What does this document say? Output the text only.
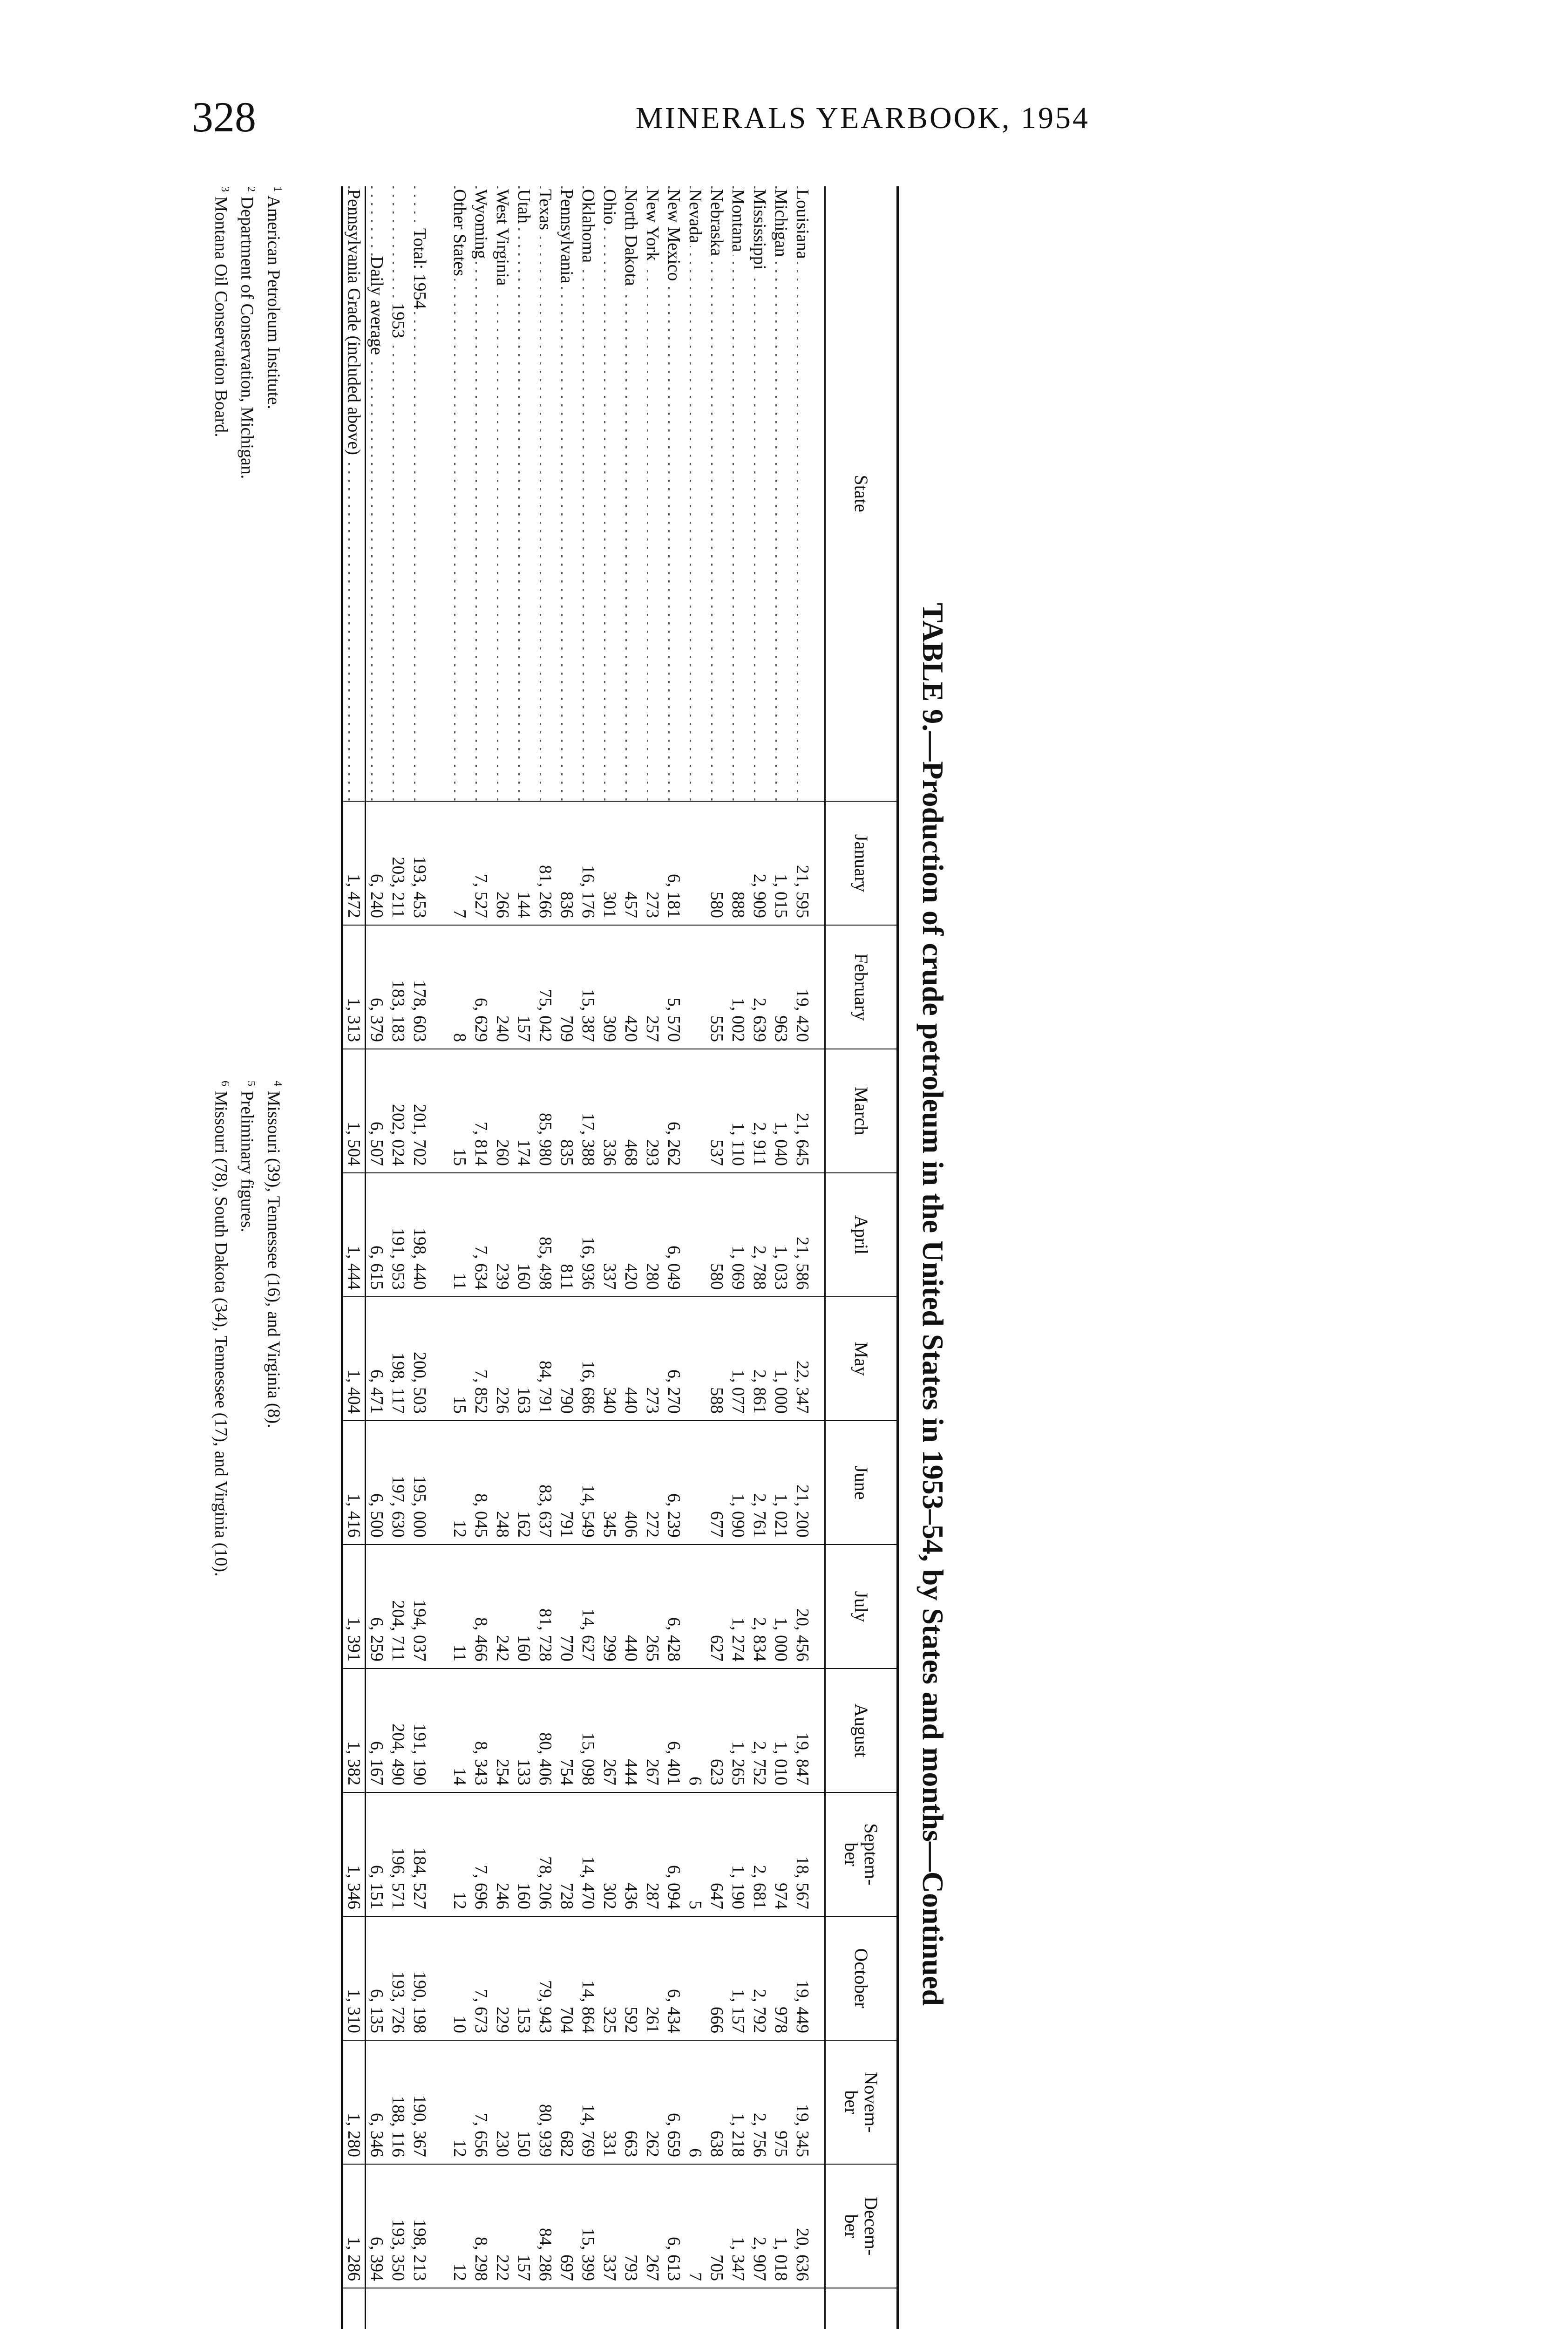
328	MINERALS YEARBOOK, 1954
TABLE 9.—Production of crude petroleum in the United States in 1953–54, by States and months—Continued
State	January	February	March	April	May	June	July	August	Septem-
ber	October	Novem-
ber	Decem-
ber	

Louisiana	21, 595	19, 420	21, 645	21, 586	22, 347	21, 200	20, 456	19, 847	18, 567	19, 449	19, 345	20, 636	
Michigan	1, 015	963	1, 040	1, 033	1, 000	1, 021	1, 000	1, 010	974	978	975	1, 018	
Mississippi	2, 909	2, 639	2, 911	2, 788	2, 861	2, 761	2, 834	2, 752	2, 681	2, 792	2, 756	2, 907	
Montana	888	1, 002	1, 110	1, 069	1, 077	1, 090	1, 274	1, 265	1, 190	1, 157	1, 218	1, 347	
Nebraska	580	555	537	580	588	677	627	623	647	666	638	705	
Nevada								6	5		6	7	
New Mexico	6, 181	5, 570	6, 262	6, 049	6, 270	6, 239	6, 428	6, 401	6, 094	6, 434	6, 659	6, 613	
New York	273	257	293	280	273	272	265	267	287	261	262	267	
North Dakota	457	420	468	420	440	406	440	444	436	592	663	793	
Ohio	301	309	336	337	340	345	299	267	302	325	331	337	
Oklahoma	16, 176	15, 387	17, 388	16, 936	16, 686	14, 549	14, 627	15, 098	14, 470	14, 864	14, 769	15, 399	
Pennsylvania	836	709	835	811	790	791	770	754	728	704	682	697	
Texas	81, 266	75, 042	85, 980	85, 498	84, 791	83, 637	81, 728	80, 406	78, 206	79, 943	80, 939	84, 286	
Utah	144	157	174	160	163	162	160	133	160	153	150	157	
West Virginia	266	240	260	239	226	248	242	254	246	229	230	222	
Wyoming	7, 527	6, 629	7, 814	7, 634	7, 852	8, 045	8, 466	8, 343	7, 696	7, 673	7, 656	8, 298	
Other States	7	8	15	11	15	12	11	14	12	10	12	12	

Total: 1954	193, 453	178, 603	201, 702	198, 440	200, 503	195, 000	194, 037	191, 190	184, 527	190, 198	190, 367	198, 213	
1953	203, 211	183, 183	202, 024	191, 953	198, 117	197, 630	204, 711	204, 490	196, 571	193, 726	188, 116	193, 350	
Daily average	6, 240	6, 379	6, 507	6, 615	6, 471	6, 500	6, 259	6, 167	6, 151	6, 135	6, 346	6, 394	
Pennsylvania Grade (included above)	1, 472	1, 313	1, 504	1, 444	1, 404	1, 416	1, 391	1, 382	1, 346	1, 310	1, 280	1, 286	
$^1$ American Petroleum Institute.
$^2$ Department of Conservation, Michigan.
$^3$ Montana Oil Conservation Board.
$^4$ Missouri (39), Tennessee (16), and Virginia (8).
$^5$ Preliminary figures.
$^6$ Missouri (78), South Dakota (34), Tennessee (17), and Virginia (10).
